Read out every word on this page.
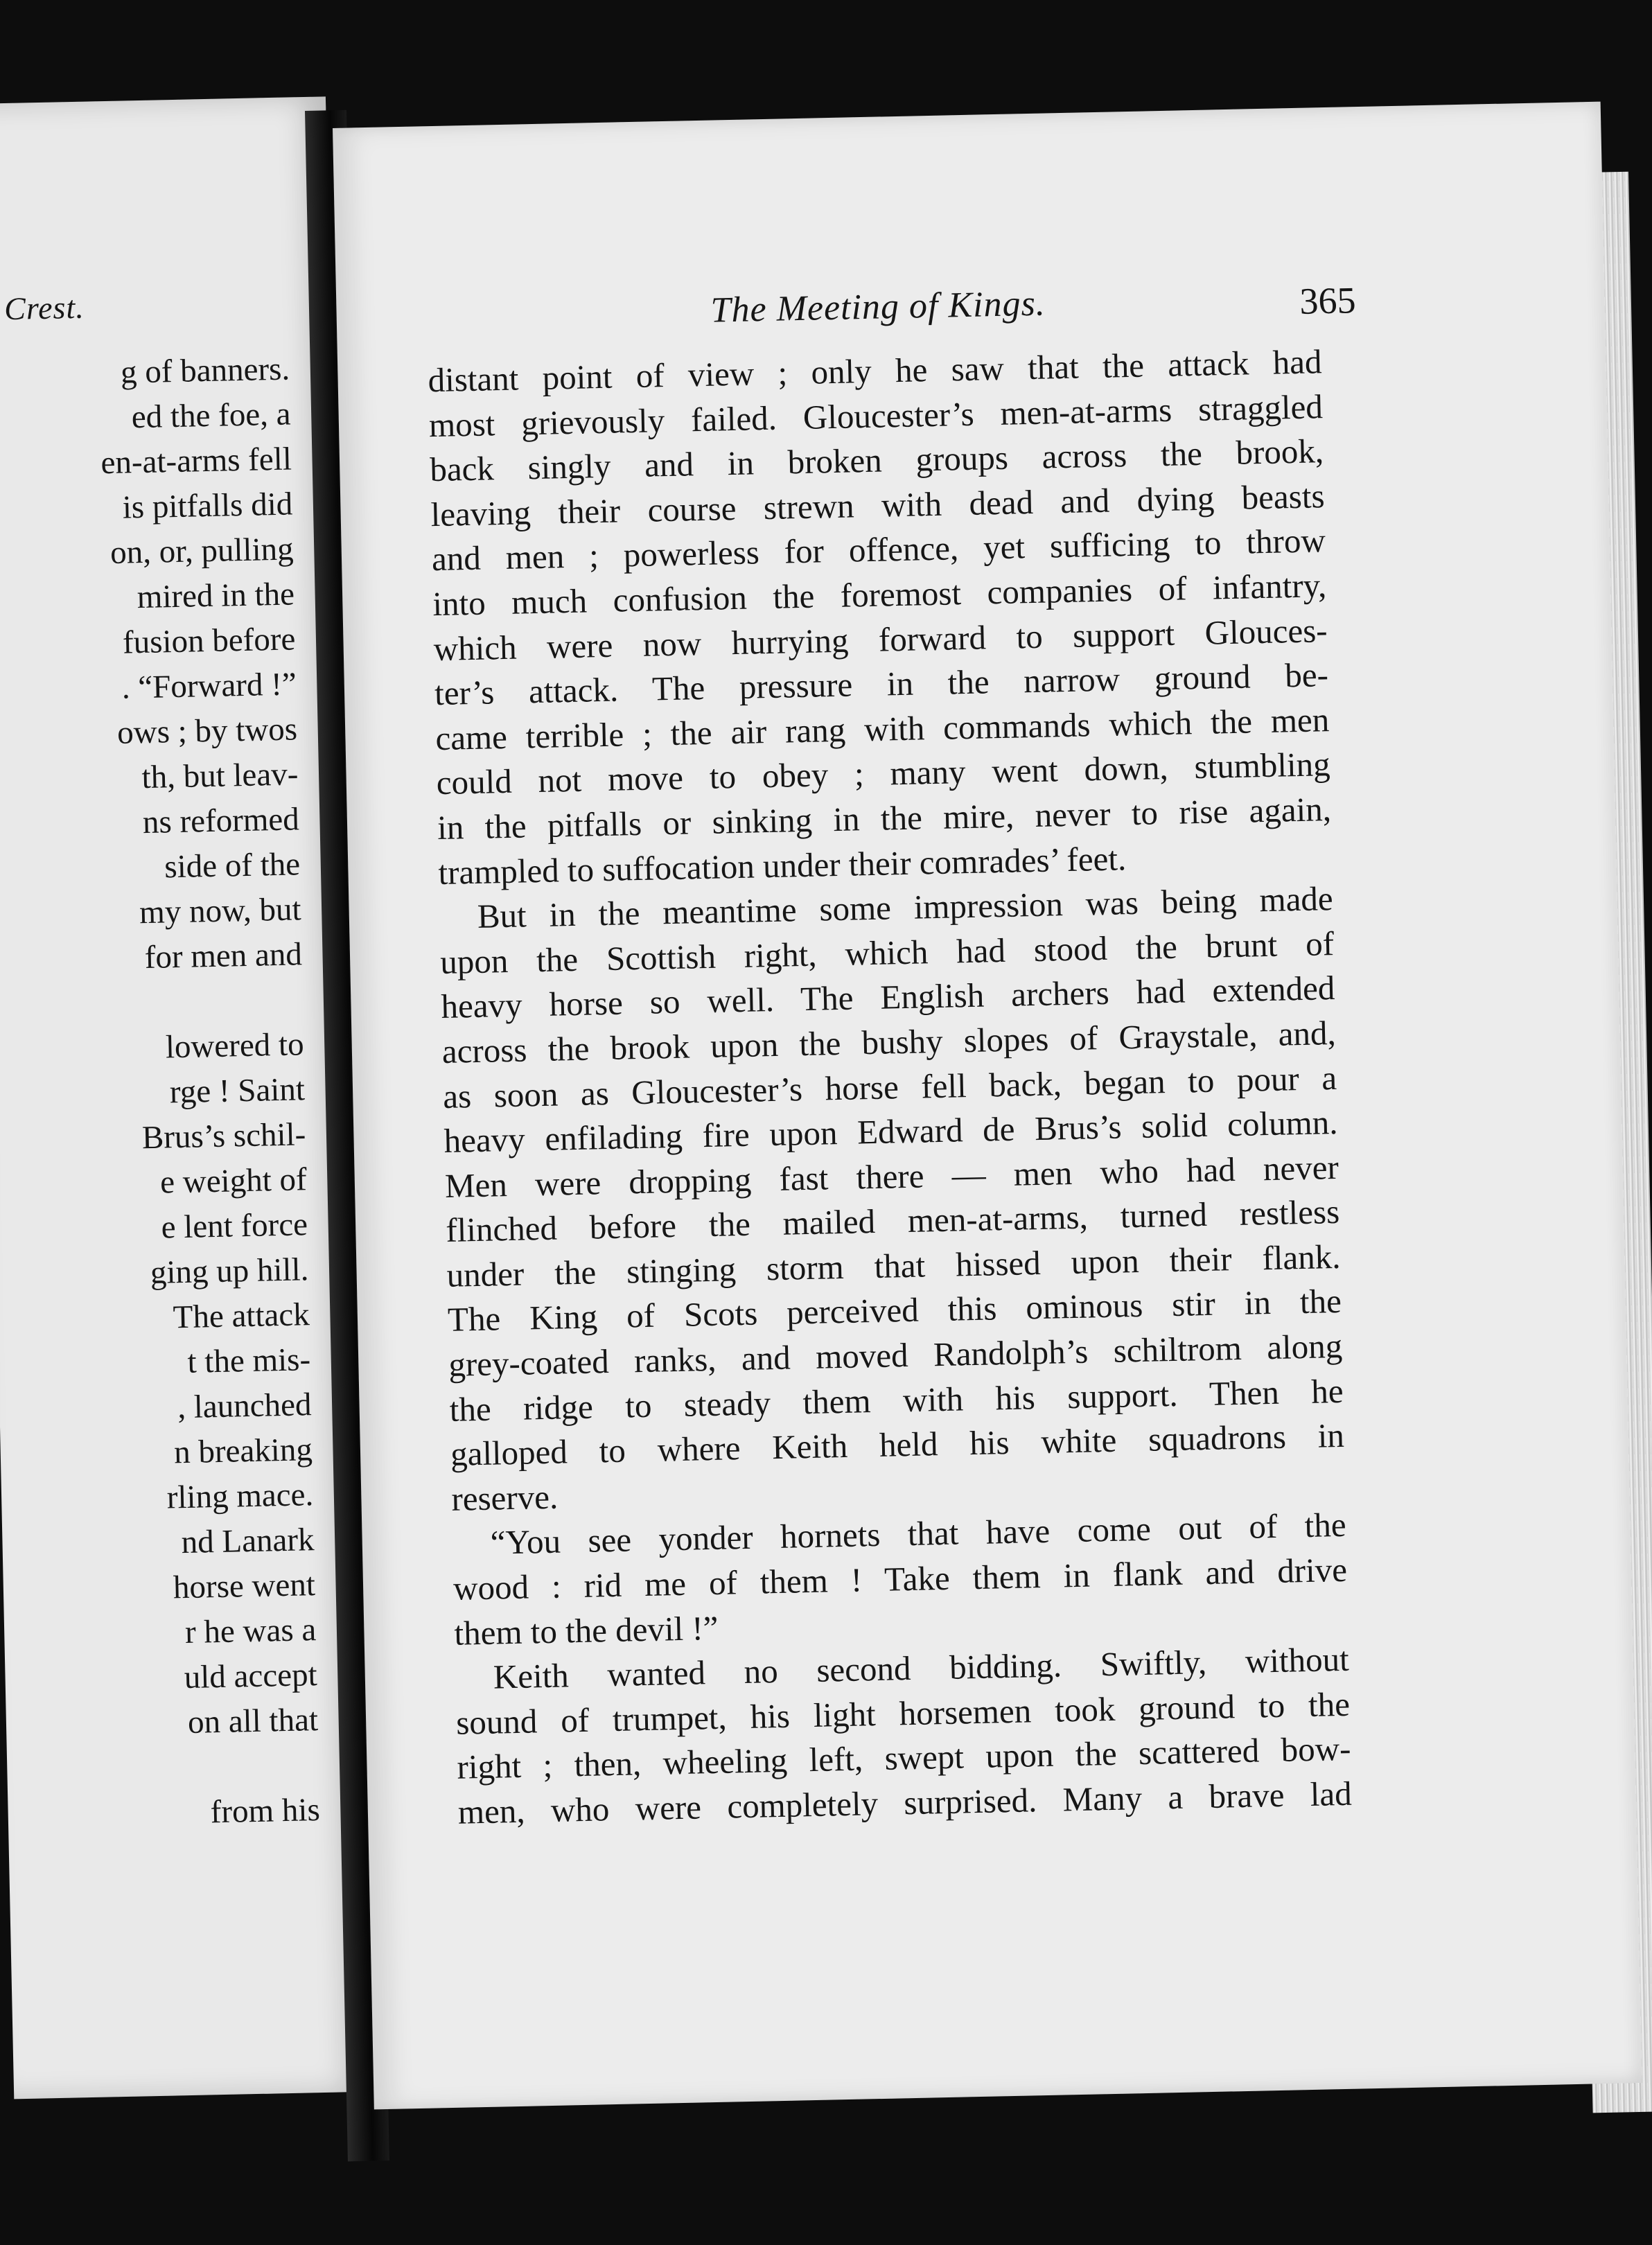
Crest.
g of banners.
ed the foe, a
en-at-arms fell
is pitfalls did
on, or, pulling
mired in the
fusion before
. “Forward !”
ows ; by twos
th, but leav-
ns reformed
side of the
my now, but
for men and
lowered to
rge ! Saint
Brus’s schil-
e weight of
e lent force
ging up hill.
The attack
t the mis-
, launched
n breaking
rling mace.
nd Lanark
horse went
r he was a
uld accept
on all that
from his
The Meeting of Kings.	365
distant point of view ; only he saw that the attack had
most grievously failed. Gloucester’s men-at-arms straggled
back singly and in broken groups across the brook,
leaving their course strewn with dead and dying beasts
and men ; powerless for offence, yet sufficing to throw
into much confusion the foremost companies of infantry,
which were now hurrying forward to support Glouces-
ter’s attack. The pressure in the narrow ground be-
came terrible ; the air rang with commands which the men
could not move to obey ; many went down, stumbling
in the pitfalls or sinking in the mire, never to rise again,
trampled to suffocation under their comrades’ feet.
But in the meantime some impression was being made
upon the Scottish right, which had stood the brunt of
heavy horse so well. The English archers had extended
across the brook upon the bushy slopes of Graystale, and,
as soon as Gloucester’s horse fell back, began to pour a
heavy enfilading fire upon Edward de Brus’s solid column.
Men were dropping fast there — men who had never
flinched before the mailed men-at-arms, turned restless
under the stinging storm that hissed upon their flank.
The King of Scots perceived this ominous stir in the
grey-coated ranks, and moved Randolph’s schiltrom along
the ridge to steady them with his support. Then he
galloped to where Keith held his white squadrons in
reserve.
“You see yonder hornets that have come out of the
wood : rid me of them ! Take them in flank and drive
them to the devil !”
Keith wanted no second bidding. Swiftly, without
sound of trumpet, his light horsemen took ground to the
right ; then, wheeling left, swept upon the scattered bow-
men, who were completely surprised. Many a brave lad
